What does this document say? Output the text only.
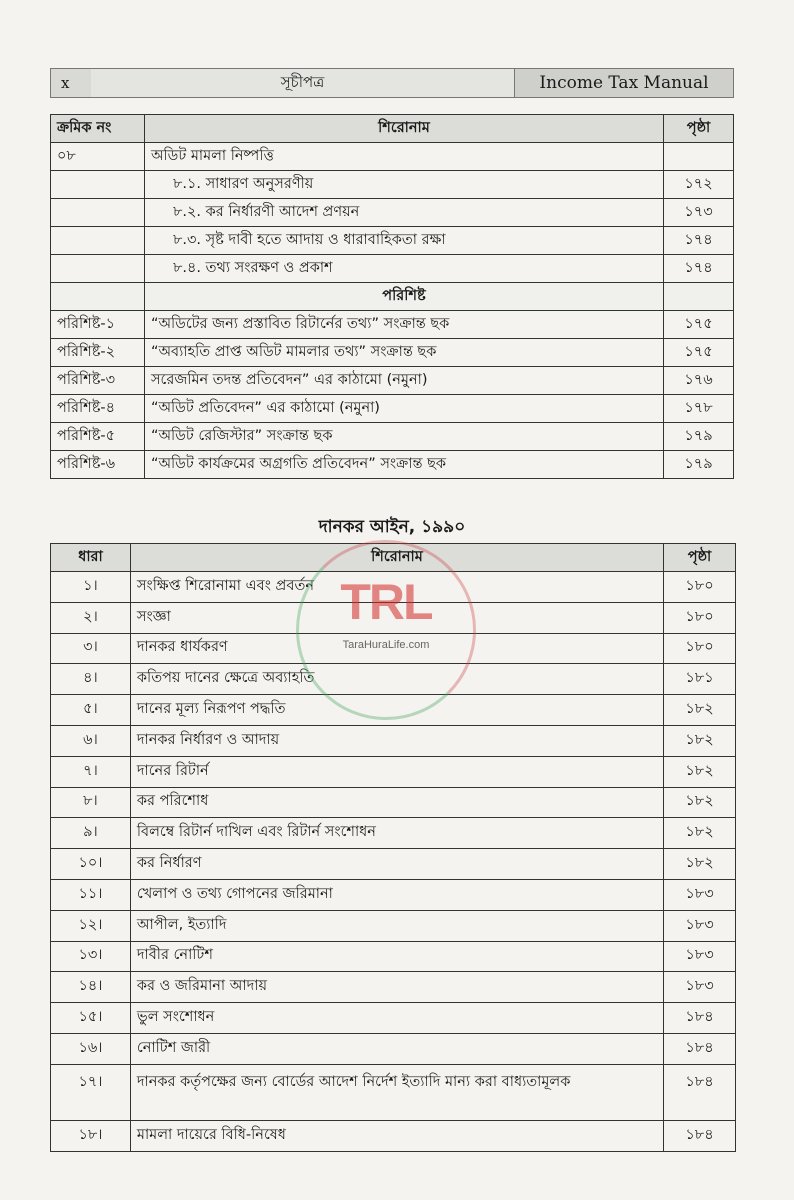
x	সূচীপত্র	Income Tax Manual
ক্রমিক নং	শিরোনাম	পৃষ্ঠা
০৮	অডিট মামলা নিষ্পত্তি	
	৮.১. সাধারণ অনুসরণীয়	১৭২
	৮.২. কর নির্ধারণী আদেশ প্রণয়ন	১৭৩
	৮.৩. সৃষ্ট দাবী হতে আদায় ও ধারাবাহিকতা রক্ষা	১৭৪
	৮.৪. তথ্য সংরক্ষণ ও প্রকাশ	১৭৪
	পরিশিষ্ট	
পরিশিষ্ট-১	“অডিটের জন্য প্রস্তাবিত রিটার্নের তথ্য” সংক্রান্ত ছক	১৭৫
পরিশিষ্ট-২	“অব্যাহতি প্রাপ্ত অডিট মামলার তথ্য” সংক্রান্ত ছক	১৭৫
পরিশিষ্ট-৩	সরেজমিন তদন্ত প্রতিবেদন” এর কাঠামো (নমুনা)	১৭৬
পরিশিষ্ট-৪	“অডিট প্রতিবেদন” এর কাঠামো (নমুনা)	১৭৮
পরিশিষ্ট-৫	“অডিট রেজিস্টার” সংক্রান্ত ছক	১৭৯
পরিশিষ্ট-৬	“অডিট কার্যক্রমের অগ্রগতি প্রতিবেদন” সংক্রান্ত ছক	১৭৯
দানকর আইন, ১৯৯০
ধারা	শিরোনাম	পৃষ্ঠা
১।	সংক্ষিপ্ত শিরোনামা এবং প্রবর্তন	১৮০
২।	সংজ্ঞা	১৮০
৩।	দানকর ধার্যকরণ	১৮০
৪।	কতিপয় দানের ক্ষেত্রে অব্যাহতি	১৮১
৫।	দানের মূল্য নিরূপণ পদ্ধতি	১৮২
৬।	দানকর নির্ধারণ ও আদায়	১৮২
৭।	দানের রিটার্ন	১৮২
৮।	কর পরিশোধ	১৮২
৯।	বিলম্বে রিটার্ন দাখিল এবং রিটার্ন সংশোধন	১৮২
১০।	কর নির্ধারণ	১৮২
১১।	খেলাপ ও তথ্য গোপনের জরিমানা	১৮৩
১২।	আপীল, ইত্যাদি	১৮৩
১৩।	দাবীর নোটিশ	১৮৩
১৪।	কর ও জরিমানা আদায়	১৮৩
১৫।	ভুল সংশোধন	১৮৪
১৬।	নোটিশ জারী	১৮৪
১৭।	দানকর কর্তৃপক্ষের জন্য বোর্ডের আদেশ নির্দেশ ইত্যাদি মান্য করা বাধ্যতামূলক	১৮৪
১৮।	মামলা দায়েরে বিধি-নিষেধ	১৮৪
TRL
TaraHuraLife.com
